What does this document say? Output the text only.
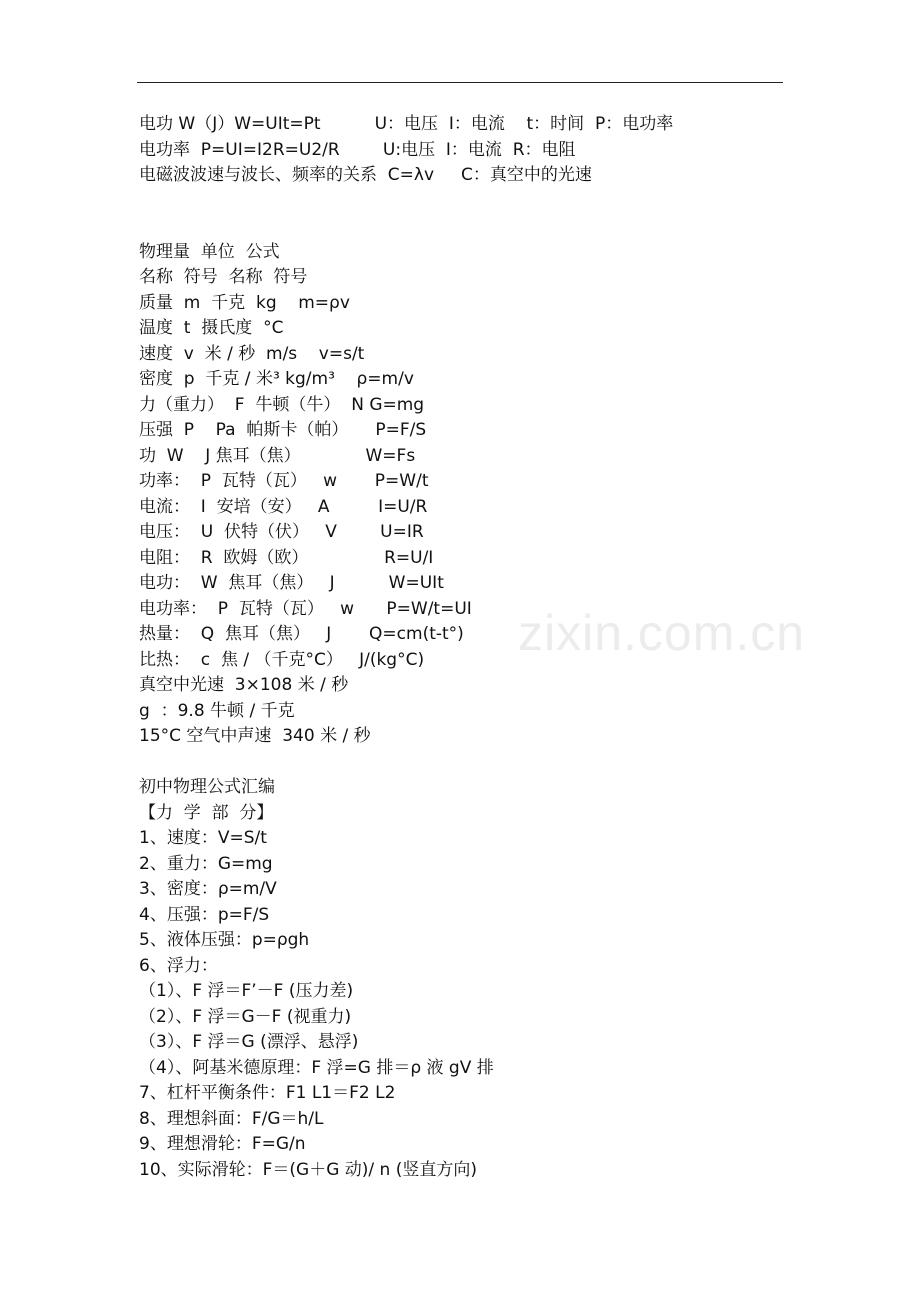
zixin.com.cn
电功 W（J）W=UIt=Pt          U：电压  I：电流    t：时间  P：电功率
电功率  P=UI=I2R=U2/R        U:电压  I：电流  R：电阻
电磁波波速与波长、频率的关系  C=λv     C：真空中的光速
物理量  单位  公式
名称  符号  名称  符号
质量  m  千克  kg    m=ρv
温度  t  摄氏度  °C
速度  v  米 / 秒  m/s    v=s/t
密度  p  千克 / 米³ kg/m³    ρ=m/v
力（重力）  F  牛顿（牛）  N G=mg
压强  P    Pa  帕斯卡（帕）     P=F/S
功  W    J 焦耳（焦）            W=Fs
功率：  P  瓦特（瓦）   w       P=W/t
电流：  I  安培（安）   A         I=U/R
电压：  U  伏特（伏）   V        U=IR
电阻：  R  欧姆（欧）              R=U/I
电功：  W  焦耳（焦）   J          W=UIt
电功率：  P  瓦特（瓦）   w      P=W/t=UI
热量：  Q  焦耳（焦）   J       Q=cm(t-t°)
比热：  c  焦 / （千克°C）   J/(kg°C)
真空中光速  3×108 米 / 秒
g  ：9.8 牛顿 / 千克
15°C 空气中声速  340 米 / 秒
初中物理公式汇编
【力  学  部  分】
1、速度：V=S/t
2、重力：G=mg
3、密度：ρ=m/V
4、压强：p=F/S
5、液体压强：p=ρgh
6、浮力：
（1）、F 浮＝F’－F (压力差)
（2）、F 浮＝G－F (视重力)
（3）、F 浮＝G (漂浮、悬浮)
（4）、阿基米德原理：F 浮=G 排＝ρ 液 gV 排
7、杠杆平衡条件：F1 L1＝F2 L2
8、理想斜面：F/G＝h/L
9、理想滑轮：F=G/n
10、实际滑轮：F＝(G＋G 动)/ n (竖直方向)
